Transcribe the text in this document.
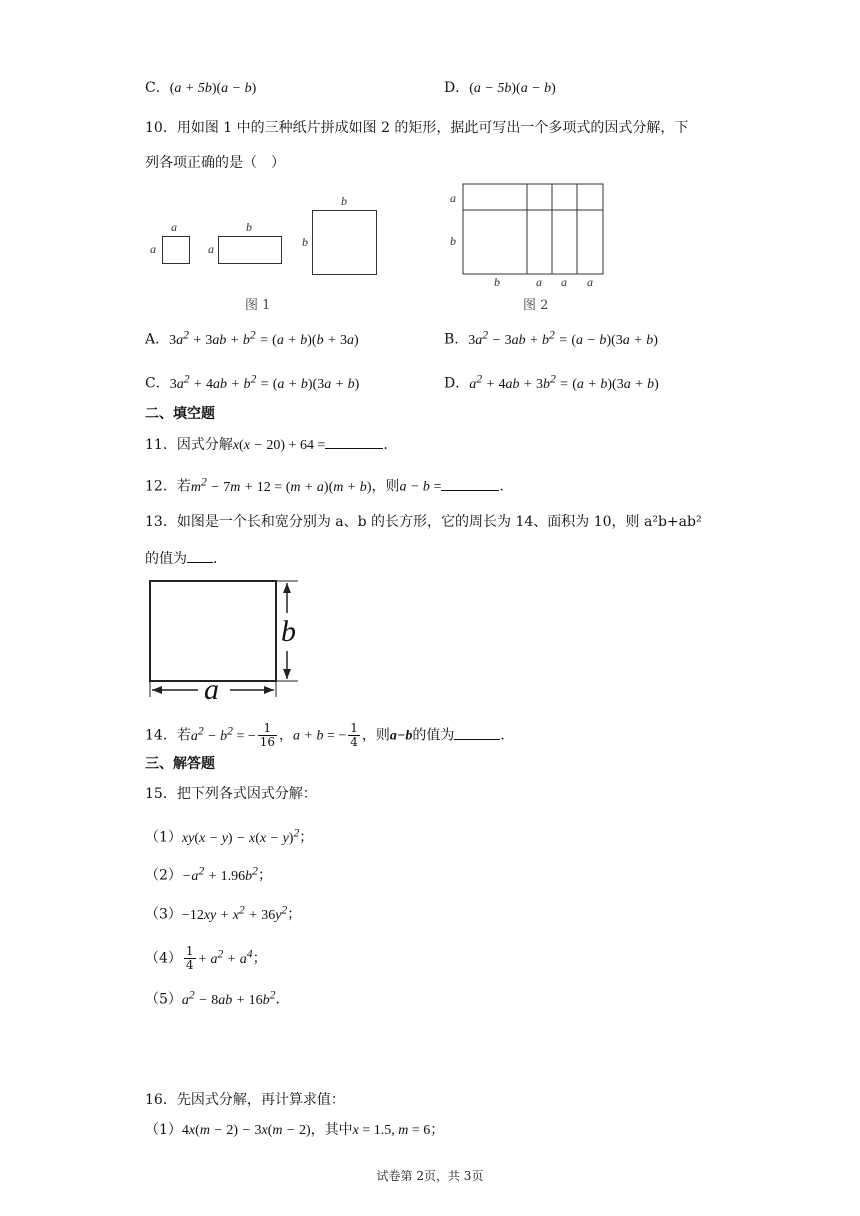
C．(a + 5b)(a − b)	D．(a − 5b)(a − b)
10．用如图 1 中的三种纸片拼成如图 2 的矩形，据此可写出一个多项式的因式分解，下
列各项正确的是（　）
a
a
b
a
b
b
图 1
a
b
b	a a a
图 2
A．$3a^2 + 3ab + b^2 = (a + b)(b + 3a)$	B．$3a^2 - 3ab + b^2 = (a - b)(3a + b)$
C．$3a^2 + 4ab + b^2 = (a + b)(3a + b)$	D．$a^2 + 4ab + 3b^2 = (a + b)(3a + b)$
二、填空题
11．因式分解x(x − 20) + 64 =	．
12．若$m^2 - 7m + 12 = (m + a)(m + b)$，则a − b =	．
13．如图是一个长和宽分别为 a、b 的长方形，它的周长为 14、面积为 10，则 a²b+ab²
的值为 ．
b
a
14．若$a^2 - b^2$ = − $\frac{1}{16}$ ，a + b = − $\frac{1}{4}$ ，则a−b的值为	．
三、解答题
15．把下列各式因式分解：
$(1)xy(x - y) - x(x - y)^2$；
$(2)-a^2 + 1.96b^2$；
$(3)-12xy + x^2 + 36y^2$；
$(4) \frac{1}{4} + a^2 + a^4$；
$(5)a^2 - 8ab + 16b^2$．
16．先因式分解，再计算求值：
（1）4x(m − 2) − 3x(m − 2)，其中x = 1.5, m = 6；
试卷第 2页，共 3页
